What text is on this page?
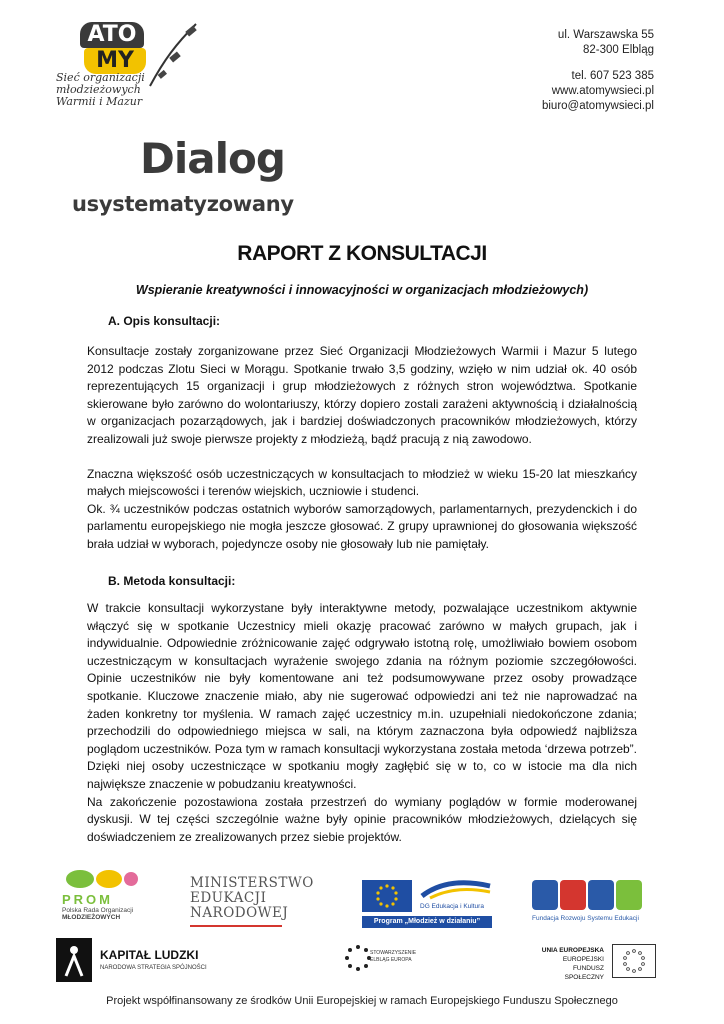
ATO
MY
Sieć organizacji
młodzieżowych
Warmii i Mazur
ul. Warszawska 55
82-300 Elbląg
tel. 607 523 385
www.atomywsieci.pl
biuro@atomywsieci.pl
Dialog
usystematyzowany
RAPORT Z KONSULTACJI
Wspieranie kreatywności i innowacyjności w organizacjach młodzieżowych)
A. Opis konsultacji:

Konsultacje zostały zorganizowane przez Sieć Organizacji Młodzieżowych Warmii i Mazur 5 lutego 2012 podczas Zlotu Sieci w Morągu. Spotkanie trwało 3,5 godziny, wzięło w nim udział ok. 40 osób reprezentujących 15 organizacji i grup młodzieżowych z różnych stron województwa. Spotkanie skierowane było zarówno do wolontariuszy, którzy dopiero zostali zarażeni aktywnością i działalnością w organizacjach pozarządowych, jak i bardziej doświadczonych pracowników młodzieżowych, którzy zrealizowali już swoje pierwsze projekty z młodzieżą, bądź pracują z nią zawodowo.

Znaczna większość osób uczestniczących w konsultacjach to młodzież w wieku 15-20 lat mieszkańcy małych miejscowości i terenów wiejskich, uczniowie i studenci.

Ok. ¾ uczestników podczas ostatnich wyborów samorządowych, parlamentarnych, prezydenckich i do parlamentu europejskiego nie mogła jeszcze głosować. Z grupy uprawnionej do głosowania większość brała udział w wyborach, pojedyncze osoby nie głosowały lub nie pamiętały.

B. Metoda konsultacji:

W trakcie konsultacji wykorzystane były interaktywne metody, pozwalające uczestnikom aktywnie włączyć się w spotkanie Uczestnicy mieli okazję pracować zarówno w małych grupach, jak i indywidualnie. Odpowiednie zróżnicowanie zajęć odgrywało istotną rolę, umożliwiało bowiem osobom uczestniczącym w konsultacjach wyrażenie swojego zdania na różnym poziomie szczegółowości. Opinie uczestników nie były komentowane ani też podsumowywane przez osoby prowadzące spotkanie. Kluczowe znaczenie miało, aby nie sugerować odpowiedzi ani też nie naprowadzać na żaden konkretny tor myślenia. W ramach zajęć uczestnicy m.in. uzupełniali niedokończone zdania; przechodzili do odpowiedniego miejsca w sali, na którym zaznaczona była odpowiedź najbliższa poglądom uczestników. Poza tym w ramach konsultacji wykorzystana została metoda ‘drzewa potrzeb”. Dzięki niej osoby uczestniczące w spotkaniu mogły zagłębić się w to, co w istocie ma dla nich największe znaczenie w pobudzaniu kreatywności.

Na zakończenie pozostawiona została przestrzeń do wymiany poglądów w formie moderowanej dyskusji. W tej części szczególnie ważne były opinie pracowników młodzieżowych, dzielących się doświadczeniem ze zrealizowanych przez siebie projektów.

PROM
Polska Rada Organizacji
MŁODZIEŻOWYCH
MINISTERSTWO
EDUKACJI
NARODOWEJ	DG Edukacja i Kultura
Program „Młodzież w działaniu”	Fundacja Rozwoju Systemu Edukacji
KAPITAŁ LUDZKI
NARODOWA STRATEGIA SPÓJNOŚCI
STOWARZYSZENIE ELBLĄG EUROPA
UNIA EUROPEJSKA
EUROPEJSKI
FUNDUSZ SPOŁECZNY
Projekt współfinansowany ze środków Unii Europejskiej w ramach Europejskiego Funduszu Społecznego
